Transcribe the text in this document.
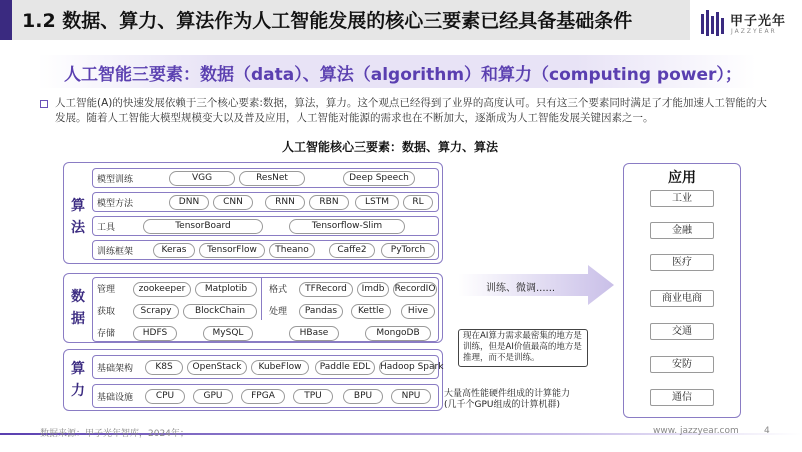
1.2 数据、算力、算法作为人工智能发展的核心三要素已经具备基础条件	甲子光年
JAZZYEAR
人工智能三要素：数据（data）、算法（algorithm）和算力（computing power）；
人工智能(A)的快速发展依赖于三个核心要素:数据，算法，算力。这个观点已经得到了业界的高度认可。只有这三个要素同时满足了才能加速人工智能的大发展。随着人工智能大模型规模变大以及普及应用，人工智能对能源的需求也在不断加大，逐渐成为人工智能发展关键因素之一。
人工智能核心三要素：数据、算力、算法
算法
模型训练	VGG	ResNet	Deep Speech
模型方法	DNN	CNN	RNN	RBN	LSTM	RL
工具	TensorBoard	Tensorflow-Slim
训练框架	Keras	TensorFlow	Theano	Caffe2	PyTorch
数据
管理	zookeeper	Matplotib	格式	TFRecord	Imdb	RecordIO
获取	Scrapy	BlockChain	处理	Pandas	Kettle	Hive
存储	HDFS	MySQL	HBase	MongoDB
算力
基础架构	K8S	OpenStack	KubeFlow	Paddle EDL	Hadoop Spark
基础设施	CPU	GPU	FPGA	TPU	BPU	NPU
训练、微调......
现在AI算力需求最密集的地方是训练，但是AI价值最高的地方是推理，而不是训练。
大量高性能硬件组成的计算能力
(几千个GPU组成的计算机群)
应用
工业
金融
医疗
商业电商
交通
安防
通信
数据来源：甲子光年智库，2024年；	www. jazzyear.com	4
